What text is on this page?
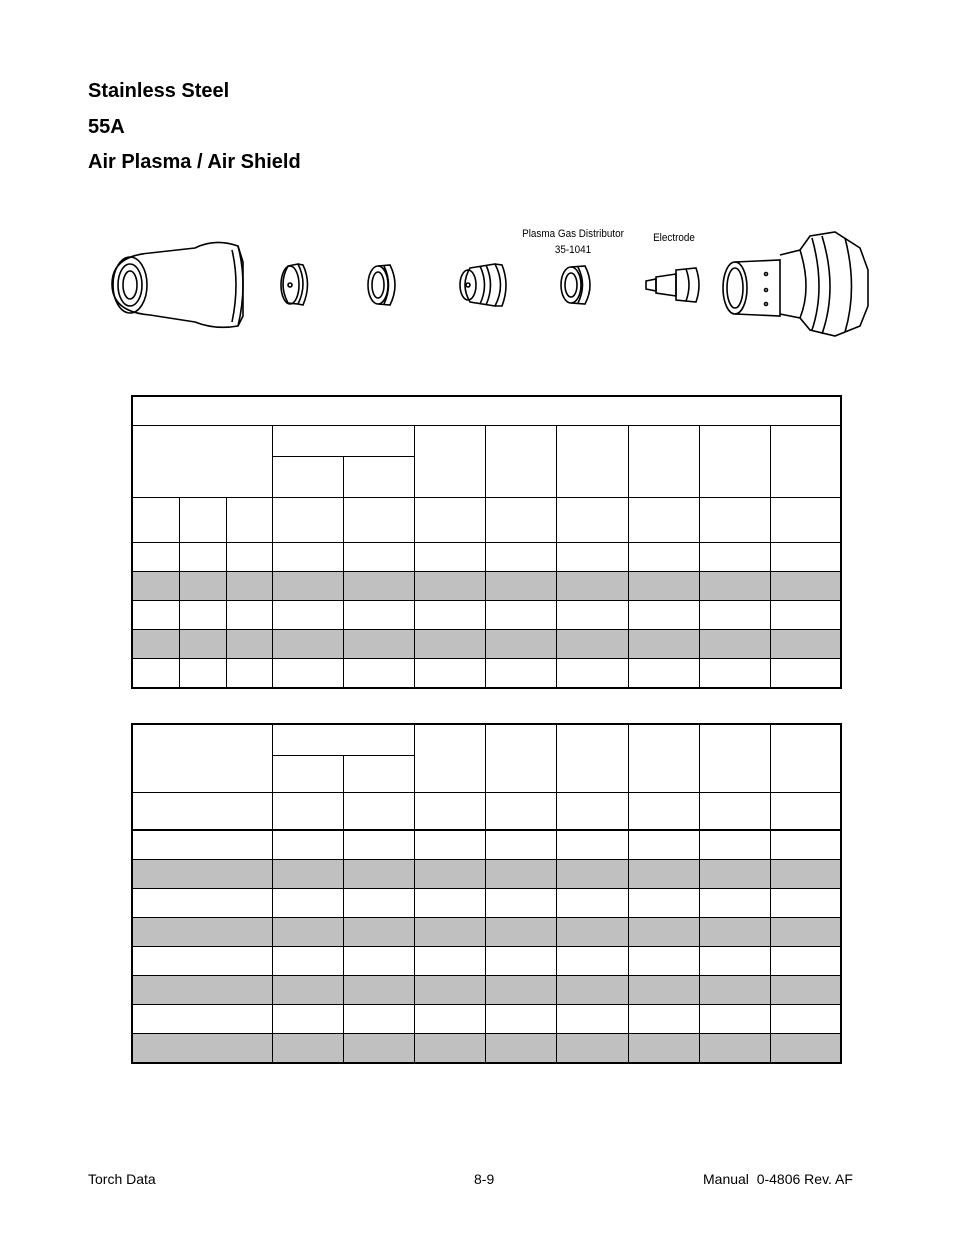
Stainless Steel
55A
Air Plasma / Air Shield
Plasma Gas Distributor
35-1041
Electrode

Torch Data	8-9	Manual  0-4806 Rev. AF
